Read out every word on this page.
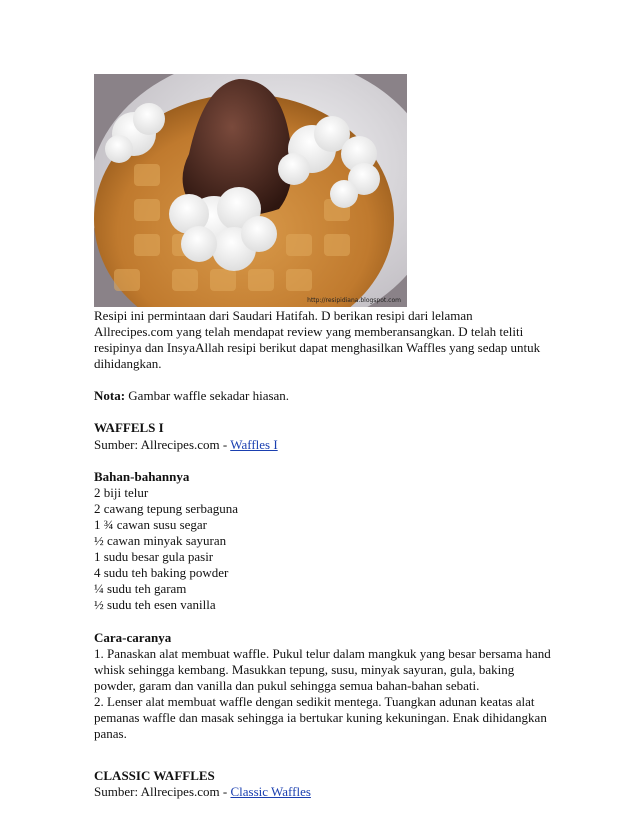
http://resipidiana.blogspot.com

Resipi ini permintaan dari Saudari Hatifah. D berikan resipi dari lelaman Allrecipes.com yang telah mendapat review yang memberansangkan. D telah teliti resipinya dan InsyaAllah resipi berikut dapat menghasilkan Waffles yang sedap untuk dihidangkan.

Nota: Gambar waffle sekadar hiasan.

WAFFELS I

Sumber: Allrecipes.com - Waffles I

Bahan-bahannya

2 biji telur

2 cawang tepung serbaguna

1 ¾ cawan susu segar

½ cawan minyak sayuran

1 sudu besar gula pasir

4 sudu teh baking powder

¼ sudu teh garam

½ sudu teh esen vanilla

Cara-caranya

1. Panaskan alat membuat waffle. Pukul telur dalam mangkuk yang besar bersama hand whisk sehingga kembang. Masukkan tepung, susu, minyak sayuran, gula, baking powder, garam dan vanilla dan pukul sehingga semua bahan-bahan sebati.

2. Lenser alat membuat waffle dengan sedikit mentega. Tuangkan adunan keatas alat pemanas waffle dan masak sehingga ia bertukar kuning kekuningan. Enak dihidangkan panas.

CLASSIC WAFFLES

Sumber: Allrecipes.com - Classic Waffles
